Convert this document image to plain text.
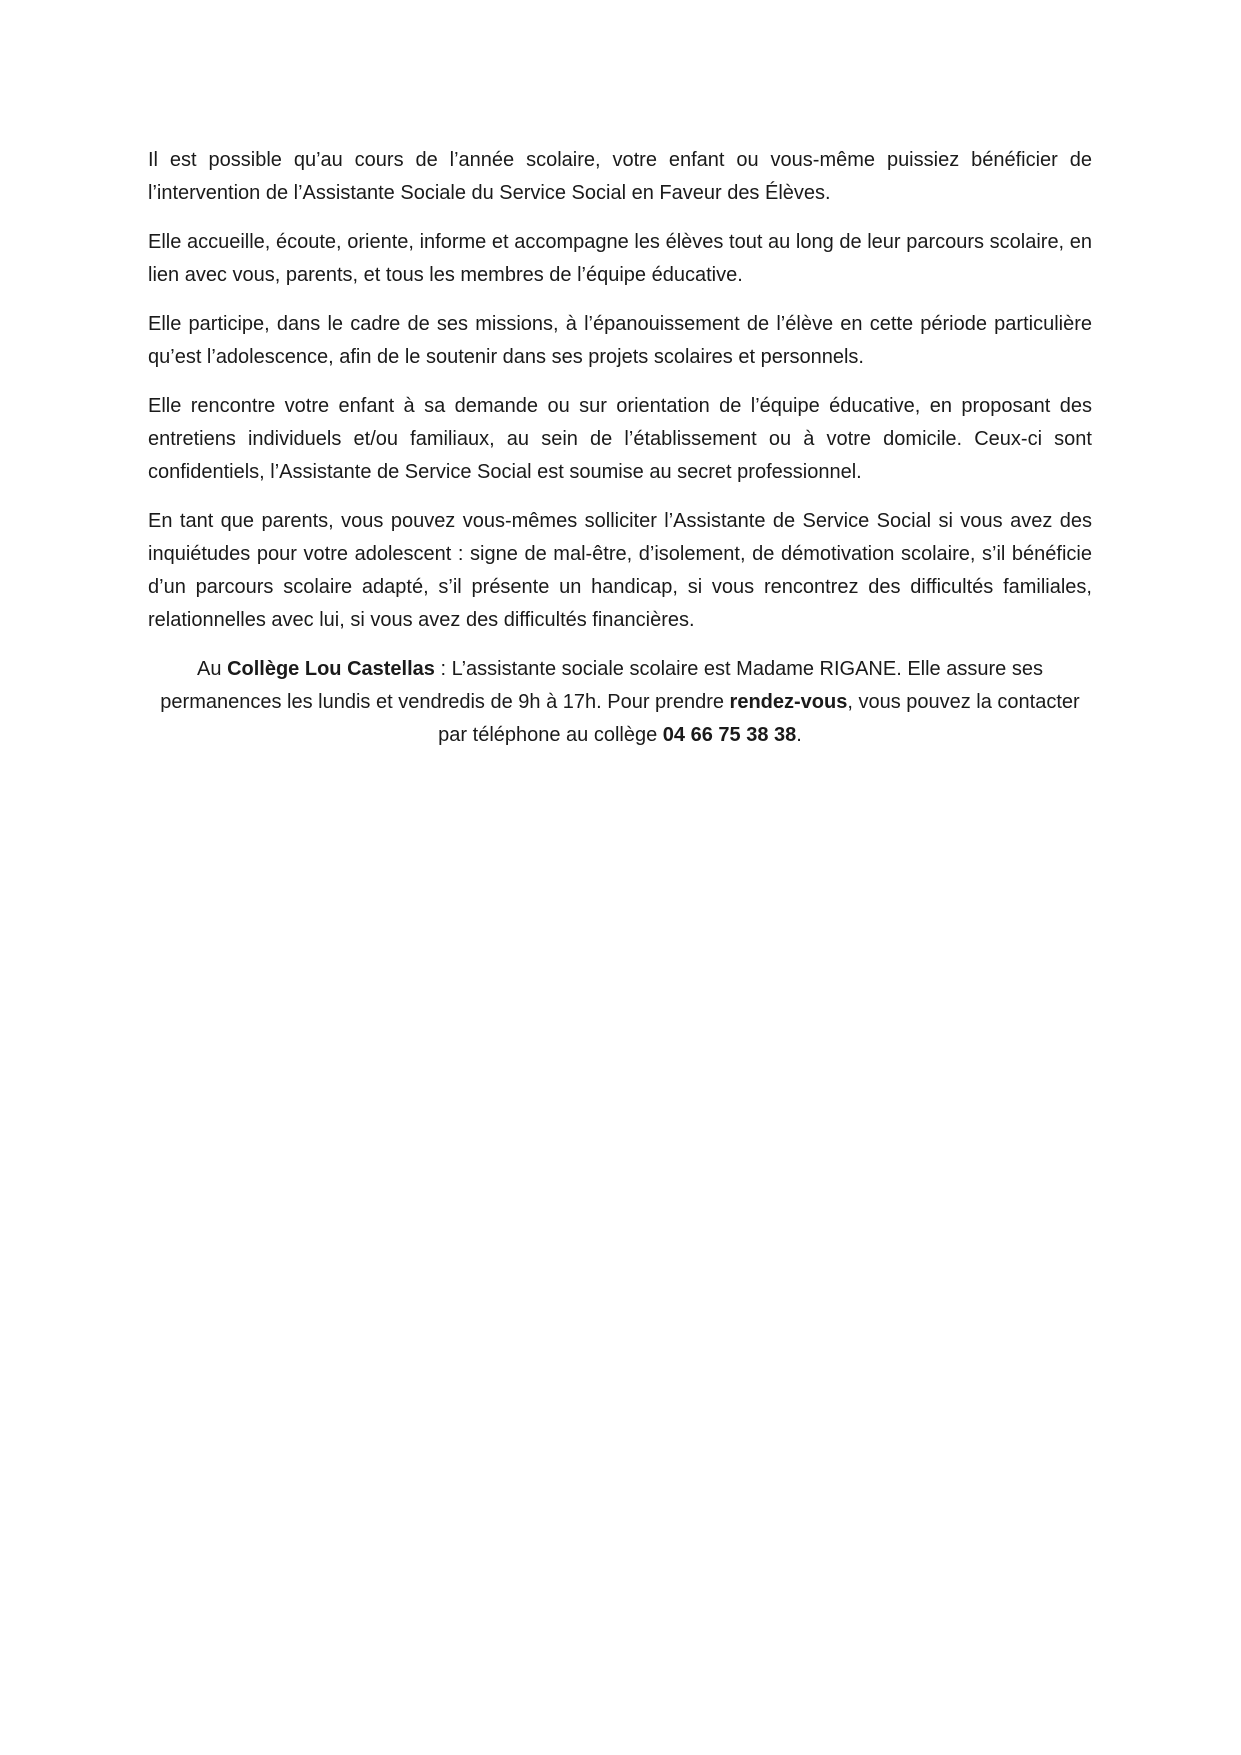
Il est possible qu’au cours de l’année scolaire, votre enfant ou vous-même puissiez bénéficier de l’intervention de l’Assistante Sociale du Service Social en Faveur des Élèves.

Elle accueille, écoute, oriente, informe et accompagne les élèves tout au long de leur parcours scolaire, en lien avec vous, parents, et tous les membres de l’équipe éducative.

Elle participe, dans le cadre de ses missions, à l’épanouissement de l’élève en cette période particulière qu’est l’adolescence, afin de le soutenir dans ses projets scolaires et personnels.

Elle rencontre votre enfant à sa demande ou sur orientation de l’équipe éducative, en proposant des entretiens individuels et/ou familiaux, au sein de l’établissement ou à votre domicile. Ceux-ci sont confidentiels, l’Assistante de Service Social est soumise au secret professionnel.

En tant que parents, vous pouvez vous-mêmes solliciter l’Assistante de Service Social si vous avez des inquiétudes pour votre adolescent : signe de mal-être, d’isolement, de démotivation scolaire, s’il bénéficie d’un parcours scolaire adapté, s’il présente un handicap, si vous rencontrez des difficultés familiales, relationnelles avec lui, si vous avez des difficultés financières.

Au Collège Lou Castellas : L’assistante sociale scolaire est Madame RIGANE. Elle assure ses permanences les lundis et vendredis de 9h à 17h. Pour prendre rendez-vous, vous pouvez la contacter par téléphone au collège 04 66 75 38 38.
